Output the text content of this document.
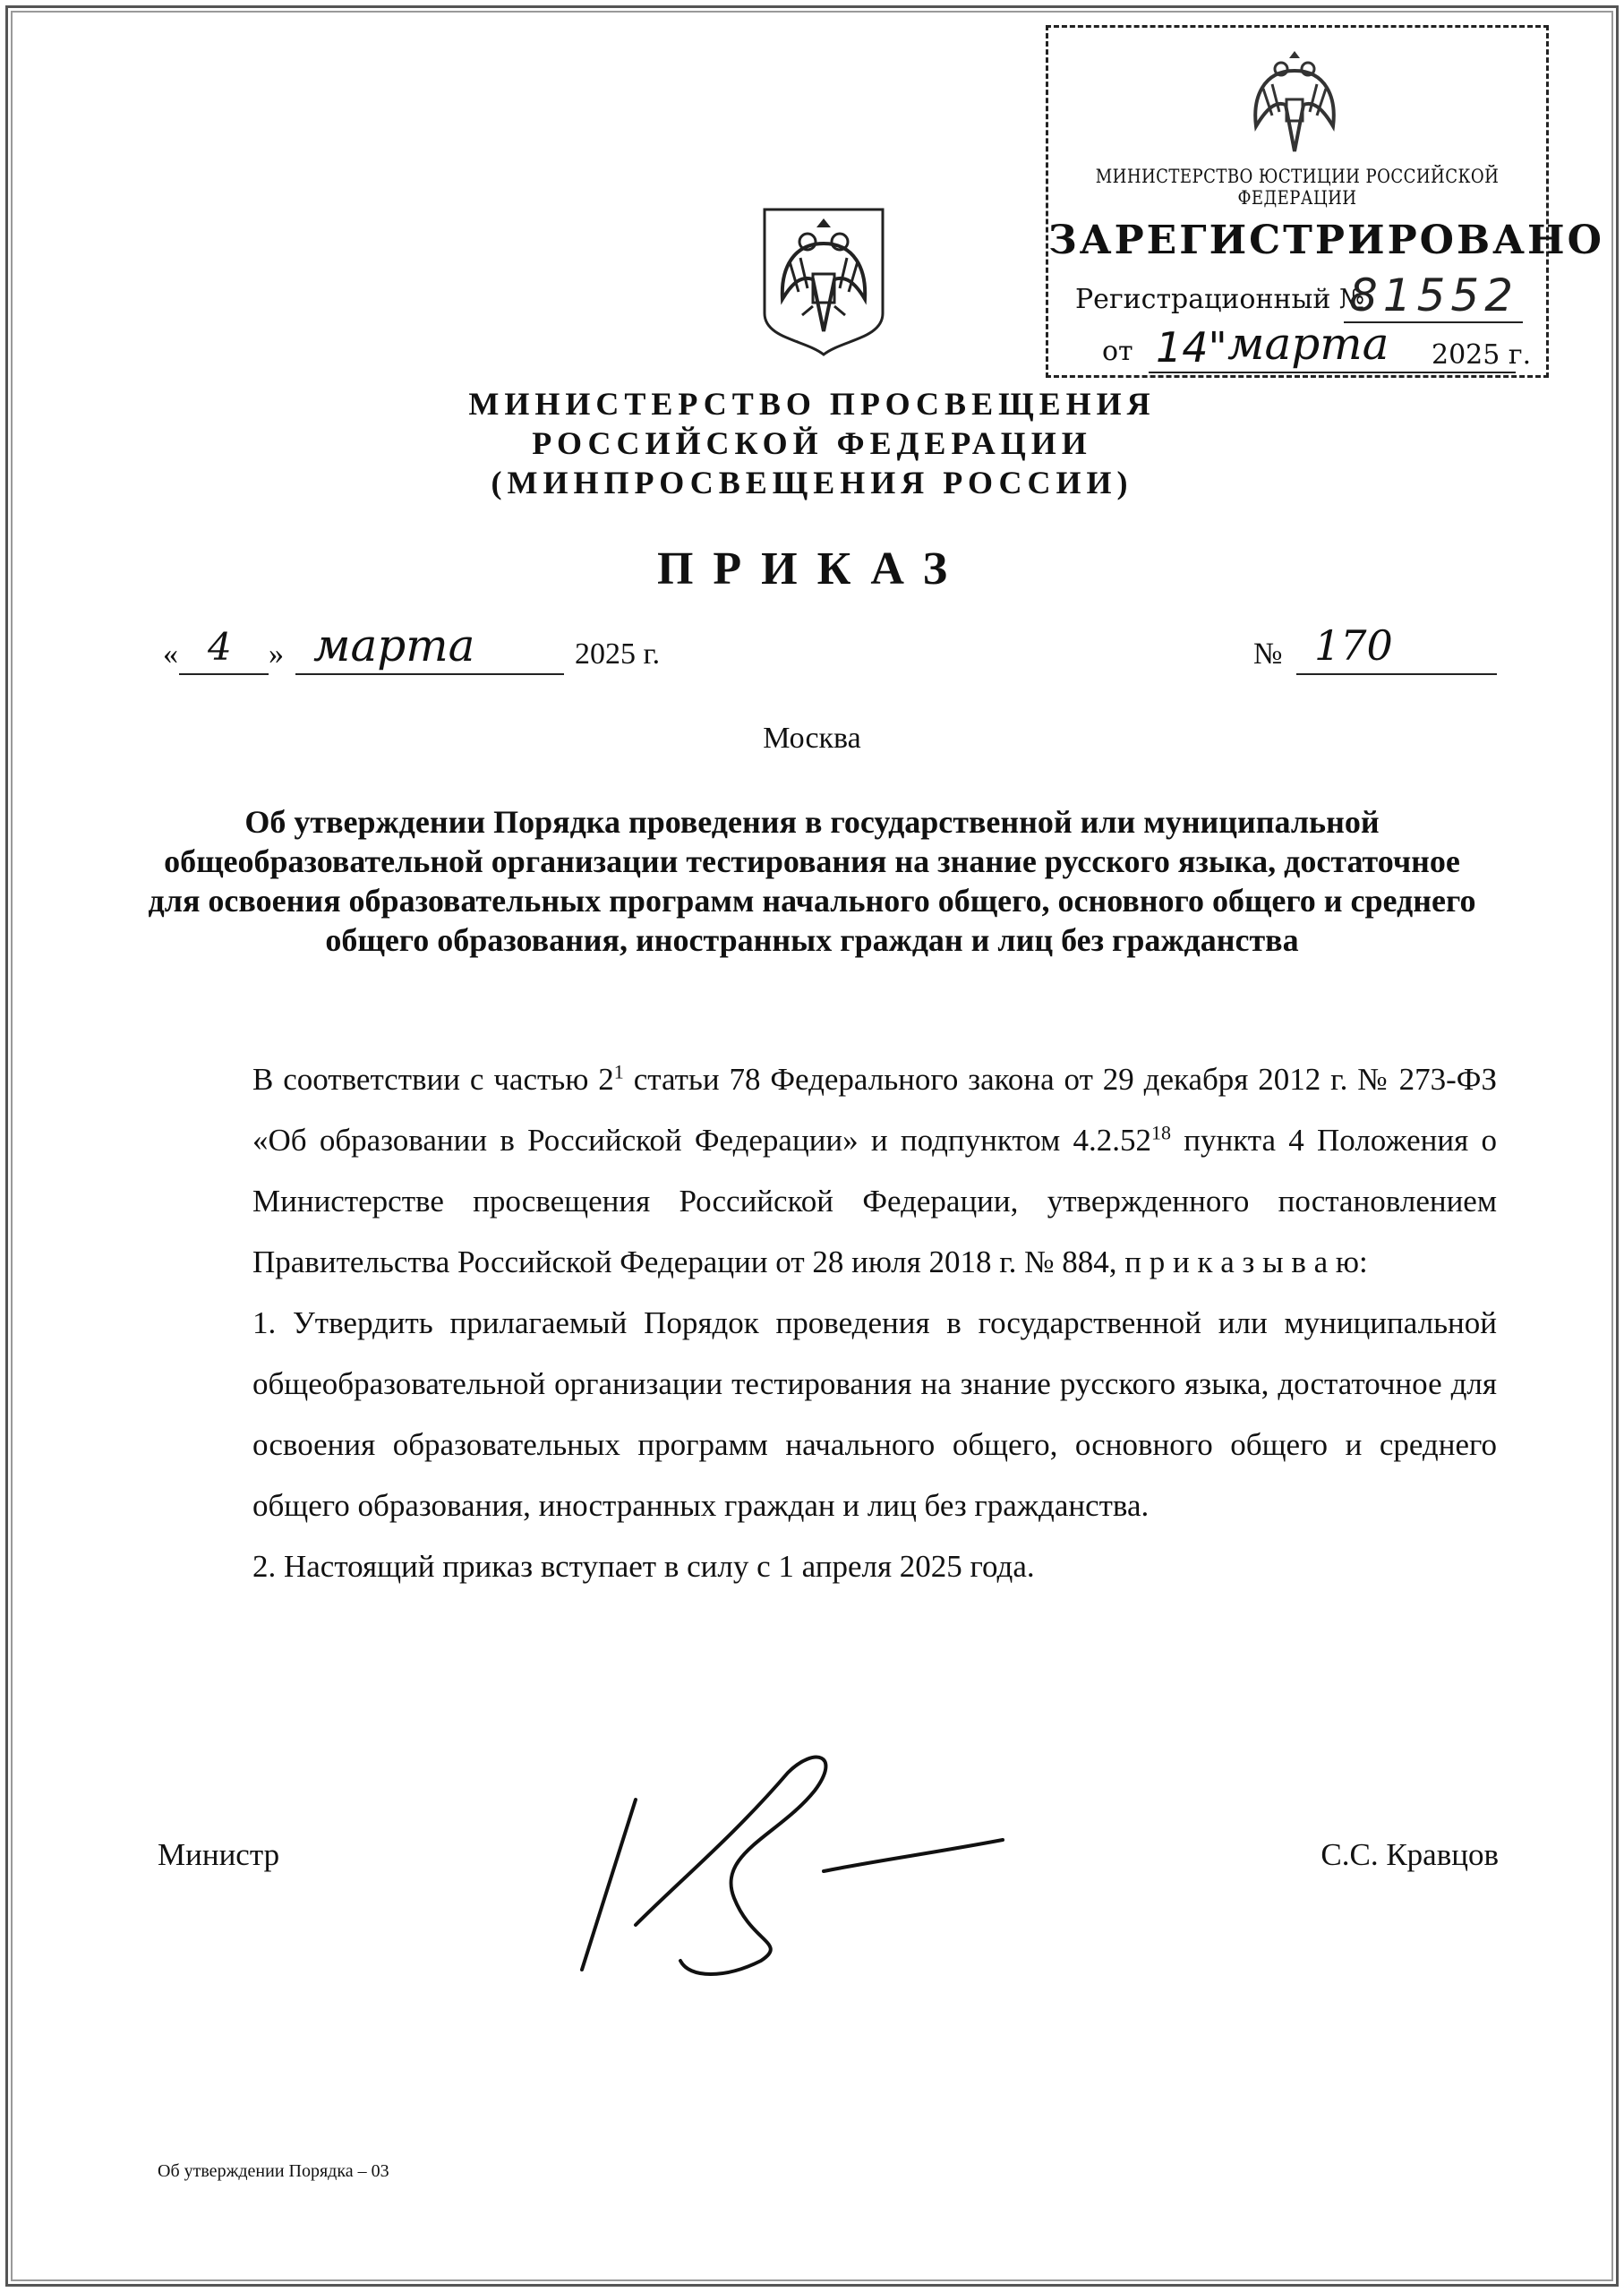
МИНИСТЕРСТВО ЮСТИЦИИ РОССИЙСКОЙ ФЕДЕРАЦИИ
ЗАРЕГИСТРИРОВАНО
Регистрационный №
81552
от 14" марта 2025 г.
МИНИСТЕРСТВО ПРОСВЕЩЕНИЯ
РОССИЙСКОЙ ФЕДЕРАЦИИ
(МИНПРОСВЕЩЕНИЯ РОССИИ)
ПРИКАЗ
« 4 » марта	2025 г.	№ 170
Москва
Об утверждении Порядка проведения в государственной или муниципальной общеобразовательной организации тестирования на знание русского языка, достаточное для освоения образовательных программ начального общего, основного общего и среднего общего образования, иностранных граждан и лиц без гражданства

В соответствии с частью $2^1$ статьи 78 Федерального закона от 29 декабря 2012 г. № 273-ФЗ «Об образовании в Российской Федерации» и подпунктом 4.2.52$^{18}$ пункта 4 Положения о Министерстве просвещения Российской Федерации, утвержденного постановлением Правительства Российской Федерации от 28 июля 2018 г. № 884, п р и к а з ы в а ю:

1. Утвердить прилагаемый Порядок проведения в государственной или муниципальной общеобразовательной организации тестирования на знание русского языка, достаточное для освоения образовательных программ начального общего, основного общего и среднего общего образования, иностранных граждан и лиц без гражданства.

2. Настоящий приказ вступает в силу с 1 апреля 2025 года.

Министр	С.С. Кравцов
Об утверждении Порядка – 03
